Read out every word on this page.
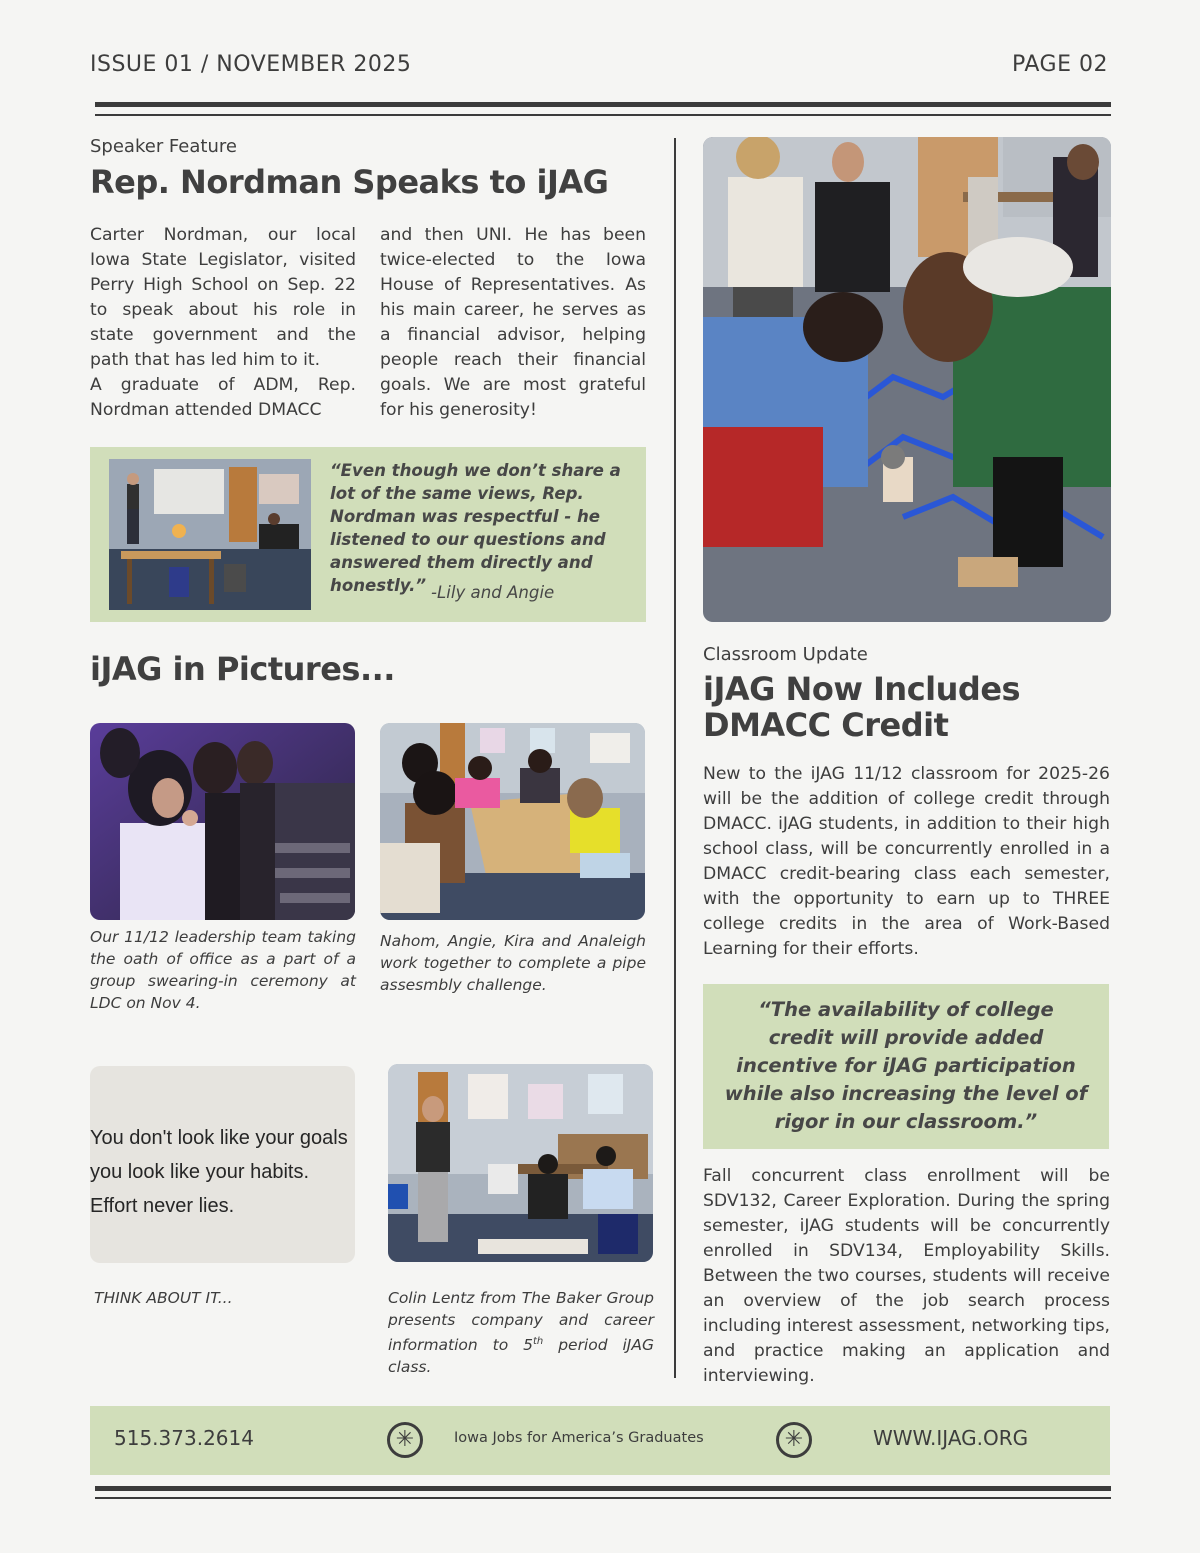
ISSUE 01 / NOVEMBER 2025	PAGE 02
Speaker Feature
Rep. Nordman Speaks to iJAG
Carter Nordman, our local Iowa State Legislator, visited Perry High School on Sep. 22 to speak about his role in state government and the path that has led him to it.
A graduate of ADM, Rep. Nordman attended DMACC
and then UNI. He has been twice-elected to the Iowa House of Representatives. As his main career, he serves as a financial advisor, helping people reach their financial goals. We are most grateful for his generosity!
“Even though we don’t share a lot of the same views, Rep. Nordman was respectful - he listened to our questions and answered them directly and honestly.” -Lily and Angie
iJAG in Pictures...
Our 11/12 leadership team taking the oath of office as a part of a group swearing-in ceremony at LDC on Nov 4.
Nahom, Angie, Kira and Analeigh work together to complete a pipe assesmbly challenge.
You don't look like your goals
you look like your habits.
Effort never lies.
THINK ABOUT IT...	Colin Lentz from The Baker Group presents company and career information to 5th period iJAG class.
Classroom Update
iJAG Now Includes
DMACC Credit
New to the iJAG 11/12 classroom for 2025-26 will be the addition of college credit through DMACC. iJAG students, in addition to their high school class, will be concurrently enrolled in a DMACC credit-bearing class each semester, with the opportunity to earn up to THREE college credits in the area of Work-Based Learning for their efforts.
“The availability of college credit will provide added incentive for iJAG participation while also increasing the level of rigor in our classroom.”
Fall concurrent class enrollment will be SDV132, Career Exploration. During the spring semester, iJAG students will be concurrently enrolled in SDV134, Employability Skills. Between the two courses, students will receive an overview of the job search process including interest assessment, networking tips, and practice making an application and interviewing.
515.373.2614	✳	Iowa Jobs for America’s Graduates	✳	WWW.IJAG.ORG
